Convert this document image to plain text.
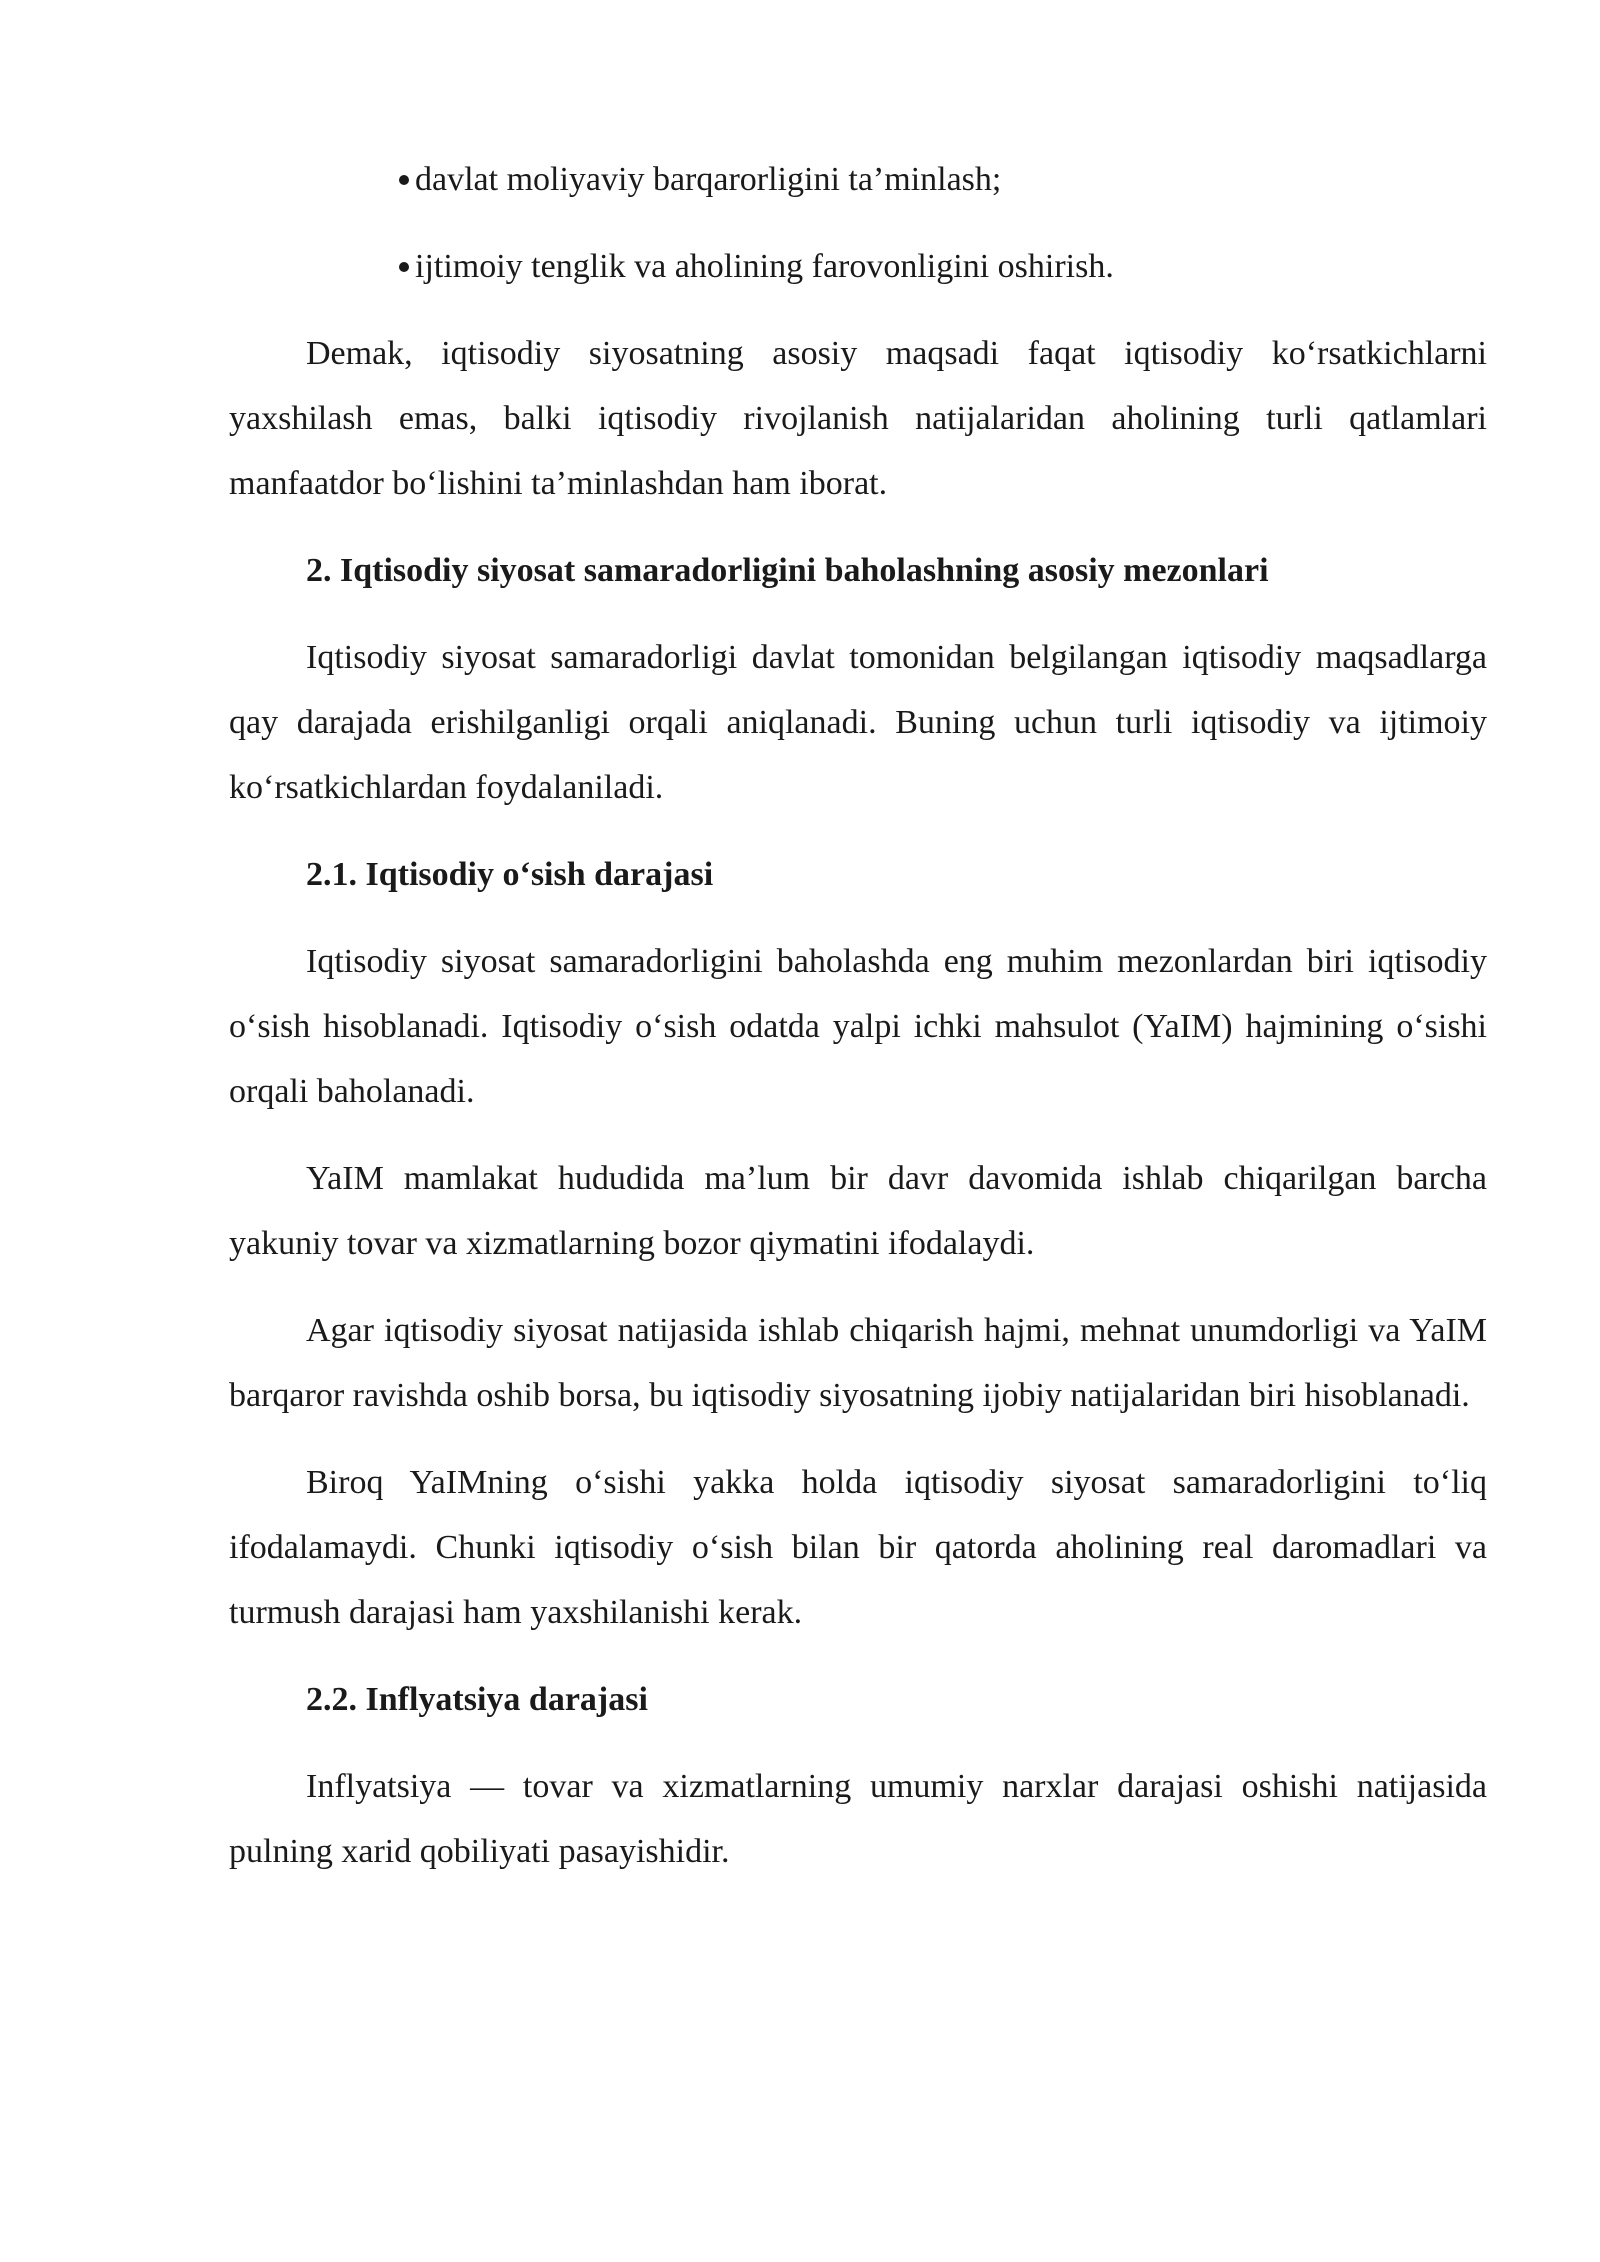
davlat moliyaviy barqarorligini ta’minlash;
ijtimoiy tenglik va aholining farovonligini oshirish.

Demak, iqtisodiy siyosatning asosiy maqsadi faqat iqtisodiy ko‘rsatkichlarni yaxshilash emas, balki iqtisodiy rivojlanish natijalaridan aholining turli qatlamlari manfaatdor bo‘lishini ta’minlashdan ham iborat.

2. Iqtisodiy siyosat samaradorligini baholashning asosiy mezonlari

Iqtisodiy siyosat samaradorligi davlat tomonidan belgilangan iqtisodiy maqsadlarga qay darajada erishilganligi orqali aniqlanadi. Buning uchun turli iqtisodiy va ijtimoiy ko‘rsatkichlardan foydalaniladi.

2.1. Iqtisodiy o‘sish darajasi

Iqtisodiy siyosat samaradorligini baholashda eng muhim mezonlardan biri iqtisodiy o‘sish hisoblanadi. Iqtisodiy o‘sish odatda yalpi ichki mahsulot (YaIM) hajmining o‘sishi orqali baholanadi.

YaIM mamlakat hududida ma’lum bir davr davomida ishlab chiqarilgan barcha yakuniy tovar va xizmatlarning bozor qiymatini ifodalaydi.

Agar iqtisodiy siyosat natijasida ishlab chiqarish hajmi, mehnat unumdorligi va YaIM barqaror ravishda oshib borsa, bu iqtisodiy siyosatning ijobiy natijalaridan biri hisoblanadi.

Biroq YaIMning o‘sishi yakka holda iqtisodiy siyosat samaradorligini to‘liq ifodalamaydi. Chunki iqtisodiy o‘sish bilan bir qatorda aholining real daromadlari va turmush darajasi ham yaxshilanishi kerak.

2.2. Inflyatsiya darajasi

Inflyatsiya — tovar va xizmatlarning umumiy narxlar darajasi oshishi natijasida pulning xarid qobiliyati pasayishidir.
